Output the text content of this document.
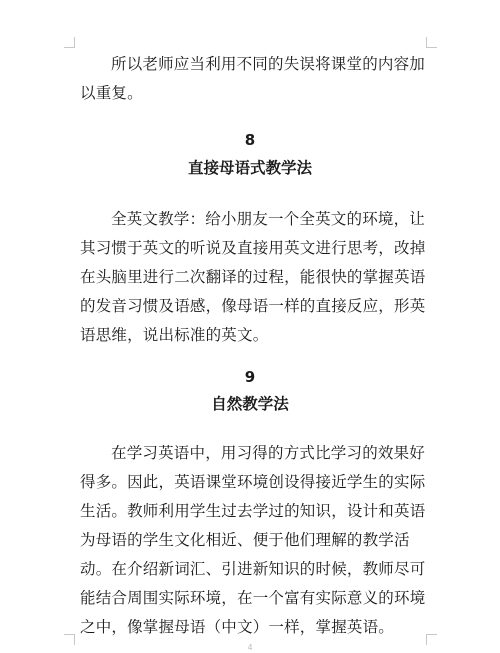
所以老师应当利用不同的失误将课堂的内容加以重复。

8
直接母语式教学法

全英文教学：给小朋友一个全英文的环境，让其习惯于英文的听说及直接用英文进行思考，改掉在头脑里进行二次翻译的过程，能很快的掌握英语的发音习惯及语感，像母语一样的直接反应，形英语思维，说出标准的英文。

9
自然教学法

在学习英语中，用习得的方式比学习的效果好得多。因此，英语课堂环境创设得接近学生的实际生活。教师利用学生过去学过的知识，设计和英语为母语的学生文化相近、便于他们理解的教学活动。在介绍新词汇、引进新知识的时候，教师尽可能结合周围实际环境，在一个富有实际意义的环境之中，像掌握母语（中文）一样，掌握英语。

4
